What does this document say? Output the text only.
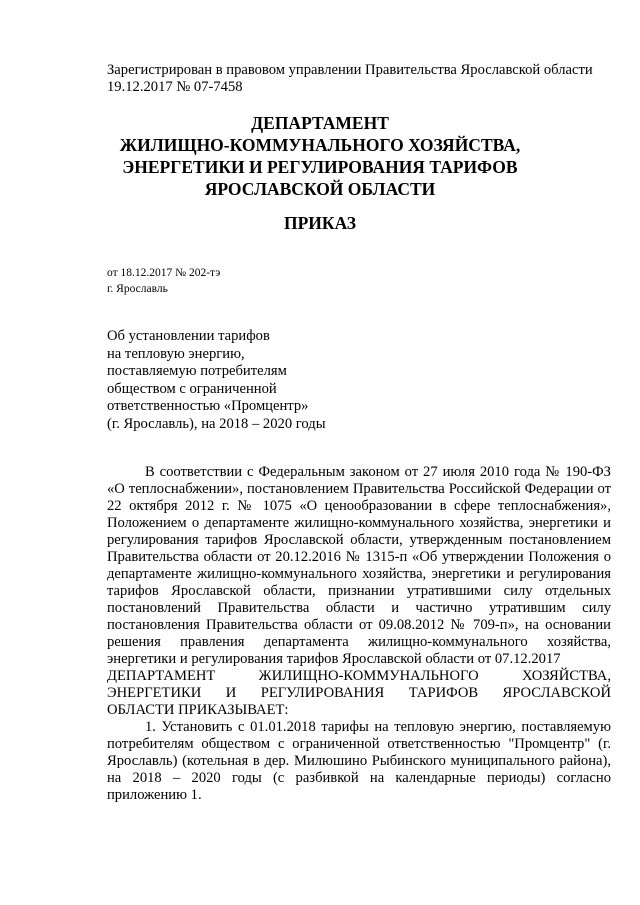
Зарегистрирован в правовом управлении Правительства Ярославской области
19.12.2017 № 07-7458
ДЕПАРТАМЕНТ
ЖИЛИЩНО-КОММУНАЛЬНОГО ХОЗЯЙСТВА,
ЭНЕРГЕТИКИ И РЕГУЛИРОВАНИЯ ТАРИФОВ
ЯРОСЛАВСКОЙ ОБЛАСТИ
ПРИКАЗ
от 18.12.2017 № 202-тэ
г. Ярославль
Об установлении тарифов
на тепловую энергию,
поставляемую потребителям
обществом с ограниченной
ответственностью «Промцентр»
(г. Ярославль), на 2018 – 2020 годы

В соответствии с Федеральным законом от 27 июля 2010 года № 190-ФЗ «О теплоснабжении», постановлением Правительства Российской Федерации от 22 октября 2012 г. № 1075 «О ценообразовании в сфере теплоснабжения», Положением о департаменте жилищно-коммунального хозяйства, энергетики и регулирования тарифов Ярославской области, утвержденным постановлением Правительства области от 20.12.2016 № 1315-п «Об утверждении Положения о департаменте жилищно-коммунального хозяйства, энергетики и регулирования тарифов Ярославской области, признании утратившими силу отдельных постановлений Правительства области и частично утратившим силу постановления Правительства области от 09.08.2012 № 709-п», на основании решения правления департамента жилищно-коммунального хозяйства, энергетики и регулирования тарифов Ярославской области от 07.12.2017

ДЕПАРТАМЕНТ ЖИЛИЩНО-КОММУНАЛЬНОГО ХОЗЯЙСТВА,

ЭНЕРГЕТИКИ И РЕГУЛИРОВАНИЯ ТАРИФОВ ЯРОСЛАВСКОЙ

ОБЛАСТИ ПРИКАЗЫВАЕТ:

1. Установить с 01.01.2018 тарифы на тепловую энергию, поставляемую потребителям обществом с ограниченной ответственностью "Промцентр" (г. Ярославль) (котельная в дер. Милюшино Рыбинского муниципального района), на 2018 – 2020 годы (с разбивкой на календарные периоды) согласно приложению 1.
